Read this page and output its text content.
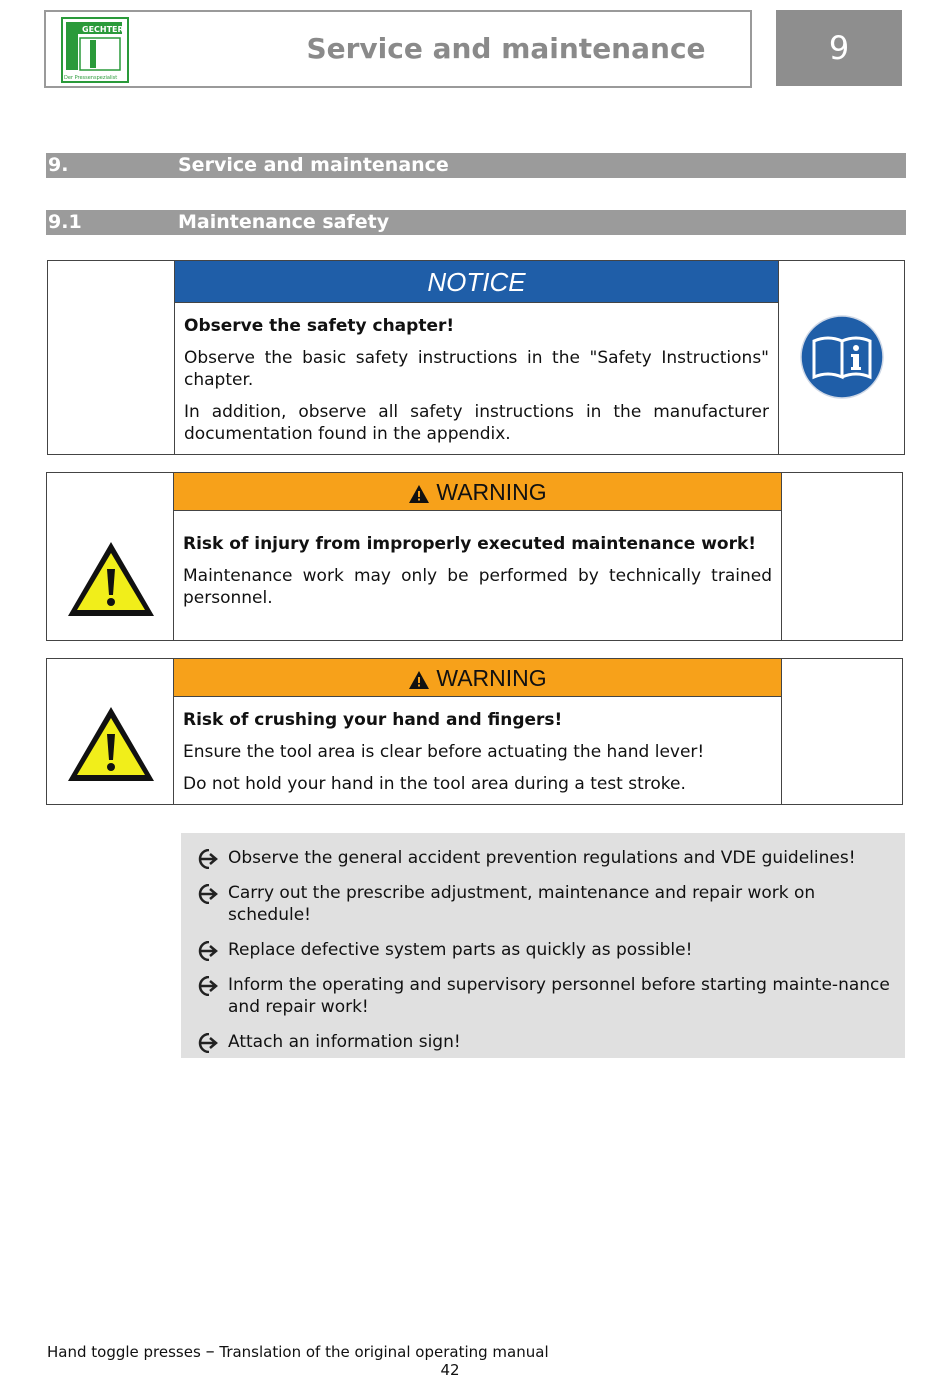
GECHTER
Der Pressenspezialist
Service and maintenance	9
9.	Service and maintenance
9.1	Maintenance safety
NOTICE

Observe the safety chapter!

Observe the basic safety instructions in the "Safety Instructions" chapter.

In addition, observe all safety instructions in the manufacturer documentation found in the appendix.

WARNING

Risk of injury from improperly executed maintenance work!

Maintenance work may only be performed by technically trained personnel.

WARNING

Risk of crushing your hand and fingers!

Ensure the tool area is clear before actuating the hand lever!

Do not hold your hand in the tool area during a test stroke.

Observe the general accident prevention regulations and VDE guidelines!
Carry out the prescribe adjustment, maintenance and repair work on schedule!
Replace defective system parts as quickly as possible!
Inform the operating and supervisory personnel before starting mainte-nance and repair work!
Attach an information sign!
Hand toggle presses – Translation of the original operating manual
42
